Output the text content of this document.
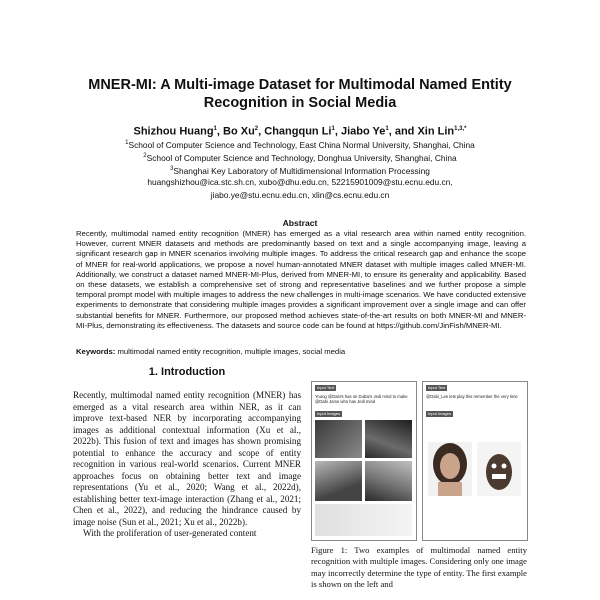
MNER-MI: A Multi-image Dataset for Multimodal Named Entity
Recognition in Social Media
Shizhou Huang$^1$, Bo Xu$^2$, Changqun Li$^1$, Jiabo Ye$^1$, and Xin Lin$^{1,3,*}$
$^1$School of Computer Science and Technology, East China Normal University, Shanghai, China
$^2$School of Computer Science and Technology, Donghua University, Shanghai, China
$^3$Shanghai Key Laboratory of Multidimensional Information Processing
huangshizhou@ica.stc.sh.cn, xubo@dhu.edu.cn, 52215901009@stu.ecnu.edu.cn,
jiabo.ye@stu.ecnu.edu.cn, xlin@cs.ecnu.edu.cn
Abstract
Recently, multimodal named entity recognition (MNER) has emerged as a vital research area within named entity recognition. However, current MNER datasets and methods are predominantly based on text and a single accompanying image, leaving a significant research gap in MNER scenarios involving multiple images. To address the critical research gap and enhance the scope of MNER for real-world applications, we propose a novel human-annotated MNER dataset with multiple images called MNER-MI. Additionally, we construct a dataset named MNER-MI-Plus, derived from MNER-MI, to ensure its generality and applicability. Based on these datasets, we establish a comprehensive set of strong and representative baselines and we further propose a simple temporal prompt model with multiple images to address the new challenges in multi-image scenarios. We have conducted extensive experiments to demonstrate that considering multiple images provides a significant improvement over a single image and can offer substantial benefits for MNER. Furthermore, our proposed method achieves state-of-the-art results on both MNER-MI and MNER-MI-Plus, demonstrating its effectiveness. The datasets and source code can be found at https://github.com/JinFish/MNER-MI.
Keywords: multimodal named entity recognition, multiple images, social media
1. Introduction

Recently, multimodal named entity recognition (MNER) has emerged as a vital research area within NER, as it can improve text-based NER by incorporating accompanying images as additional contextual information (Xu et al., 2022b). This fusion of text and images has shown promising potential to enhance the accuracy and scope of entity recognition in various real-world scenarios. Current MNER approaches focus on obtaining better text and image representations (Yu et al., 2020; Wang et al., 2022d), establishing better text-image interaction (Zhang et al., 2021; Chen et al., 2022), and reducing the hindrance caused by image noise (Sun et al., 2021; Xu et al., 2022b).

With the proliferation of user-generated content

Input Text
Young @Dabi's has on Dubai's Jedi mind to make @Dabi Jamo who has Jedi mind
Input Images
Input Text
@Dabi_Lee lets play this remember the very time
Input Images
Figure 1: Two examples of multimodal named entity recognition with multiple images. Considering only one image may incorrectly determine the type of entity. The first example is shown on the left and
